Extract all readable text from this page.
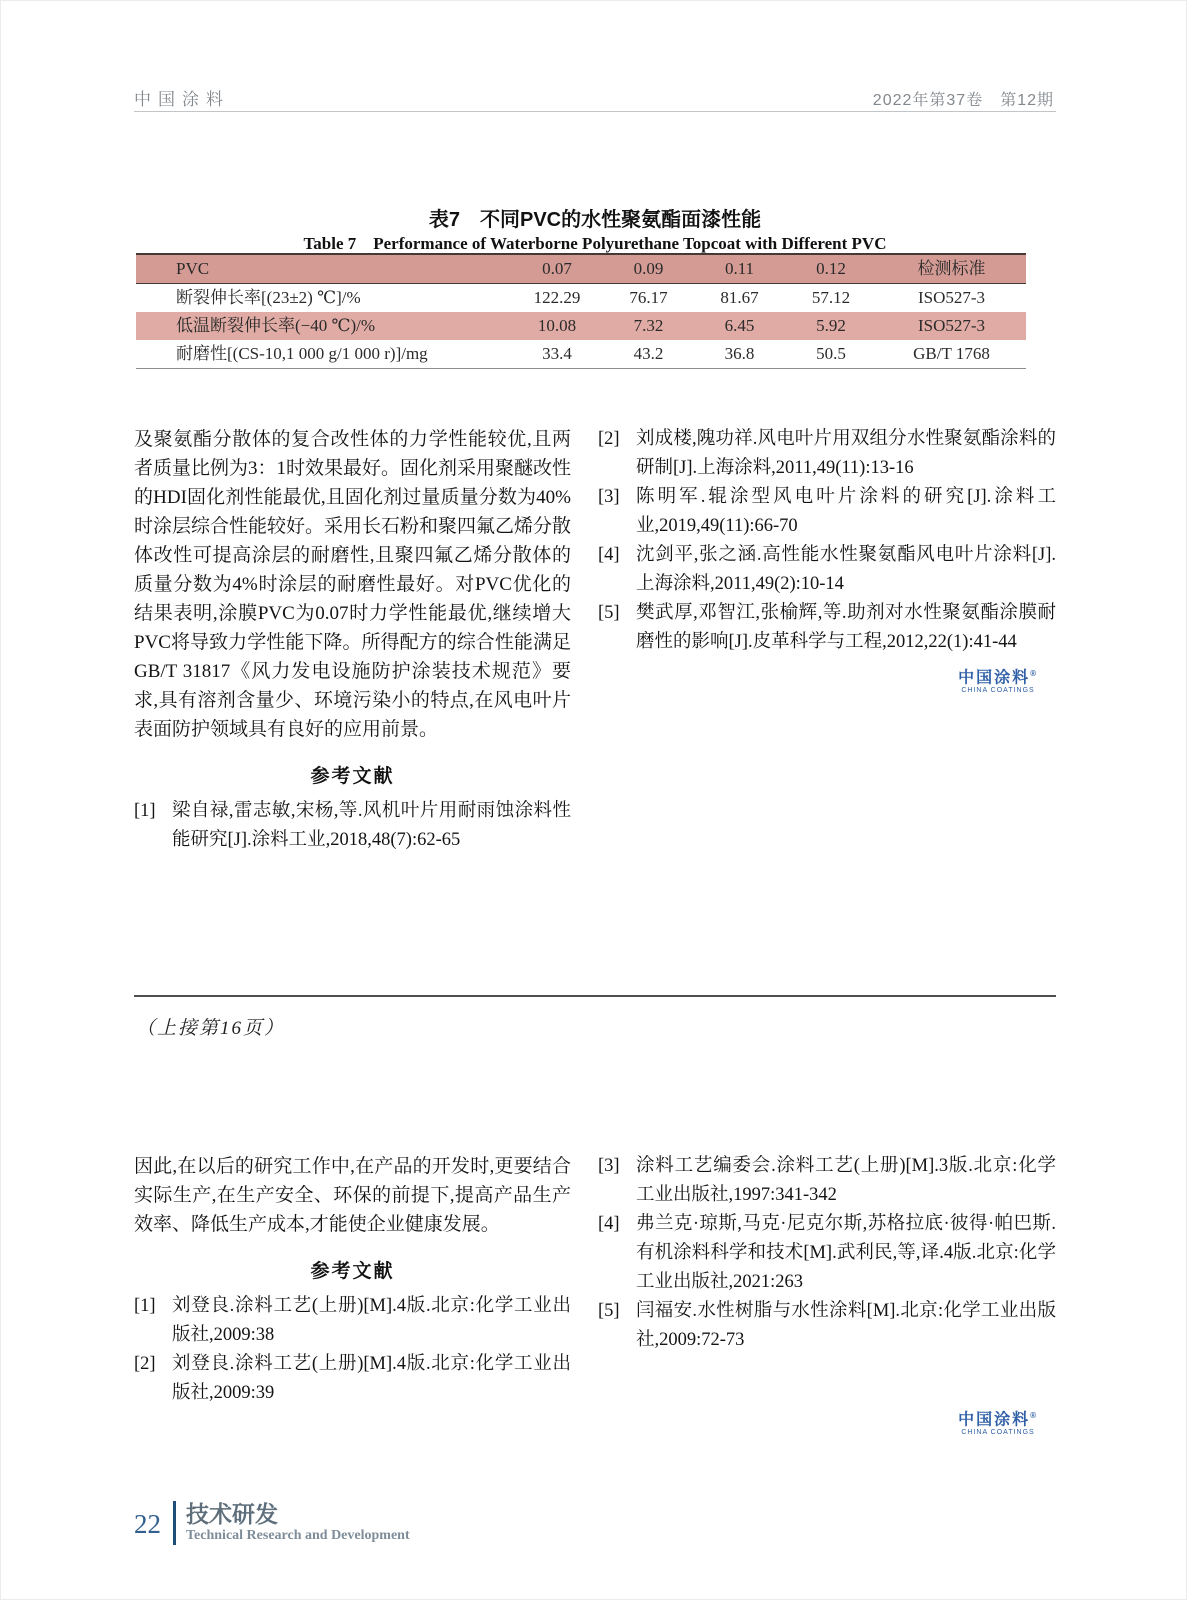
中国涂料	2022年第37卷　第12期
表7　不同PVC的水性聚氨酯面漆性能
Table 7　Performance of Waterborne Polyurethane Topcoat with Different PVC
PVC	0.07	0.09	0.11	0.12	检测标准
断裂伸长率[(23±2) ℃]/%	122.29	76.17	81.67	57.12	ISO527-3
低温断裂伸长率(−40 ℃)/%	10.08	7.32	6.45	5.92	ISO527-3
耐磨性[(CS-10,1 000 g/1 000 r)]/mg	33.4	43.2	36.8	50.5	GB/T 1768

及聚氨酯分散体的复合改性体的力学性能较优,且两者质量比例为3：1时效果最好。固化剂采用聚醚改性的HDI固化剂性能最优,且固化剂过量质量分数为40%时涂层综合性能较好。采用长石粉和聚四氟乙烯分散体改性可提高涂层的耐磨性,且聚四氟乙烯分散体的质量分数为4%时涂层的耐磨性最好。对PVC优化的结果表明,涂膜PVC为0.07时力学性能最优,继续增大PVC将导致力学性能下降。所得配方的综合性能满足GB/T 31817《风力发电设施防护涂装技术规范》要求,具有溶剂含量少、环境污染小的特点,在风电叶片表面防护领域具有良好的应用前景。

参考文献
[1] 梁自禄,雷志敏,宋杨,等.风机叶片用耐雨蚀涂料性能研究[J].涂料工业,2018,48(7):62-65
[2] 刘成楼,隗功祥.风电叶片用双组分水性聚氨酯涂料的研制[J].上海涂料,2011,49(11):13-16
[3] 陈明军.辊涂型风电叶片涂料的研究[J].涂料工业,2019,49(11):66-70
[4] 沈剑平,张之涵.高性能水性聚氨酯风电叶片涂料[J].上海涂料,2011,49(2):10-14
[5] 樊武厚,邓智江,张榆辉,等.助剂对水性聚氨酯涂膜耐磨性的影响[J].皮革科学与工程,2012,22(1):41-44
中国涂料®
CHINA COATINGS
（上接第16页）

因此,在以后的研究工作中,在产品的开发时,更要结合实际生产,在生产安全、环保的前提下,提高产品生产效率、降低生产成本,才能使企业健康发展。

参考文献
[1] 刘登良.涂料工艺(上册)[M].4版.北京:化学工业出版社,2009:38
[2] 刘登良.涂料工艺(上册)[M].4版.北京:化学工业出版社,2009:39
[3] 涂料工艺编委会.涂料工艺(上册)[M].3版.北京:化学工业出版社,1997:341-342
[4] 弗兰克·琼斯,马克·尼克尔斯,苏格拉底·彼得·帕巴斯.有机涂料科学和技术[M].武利民,等,译.4版.北京:化学工业出版社,2021:263
[5] 闫福安.水性树脂与水性涂料[M].北京:化学工业出版社,2009:72-73
中国涂料®
CHINA COATINGS
22 技术研发
Technical Research and Development
